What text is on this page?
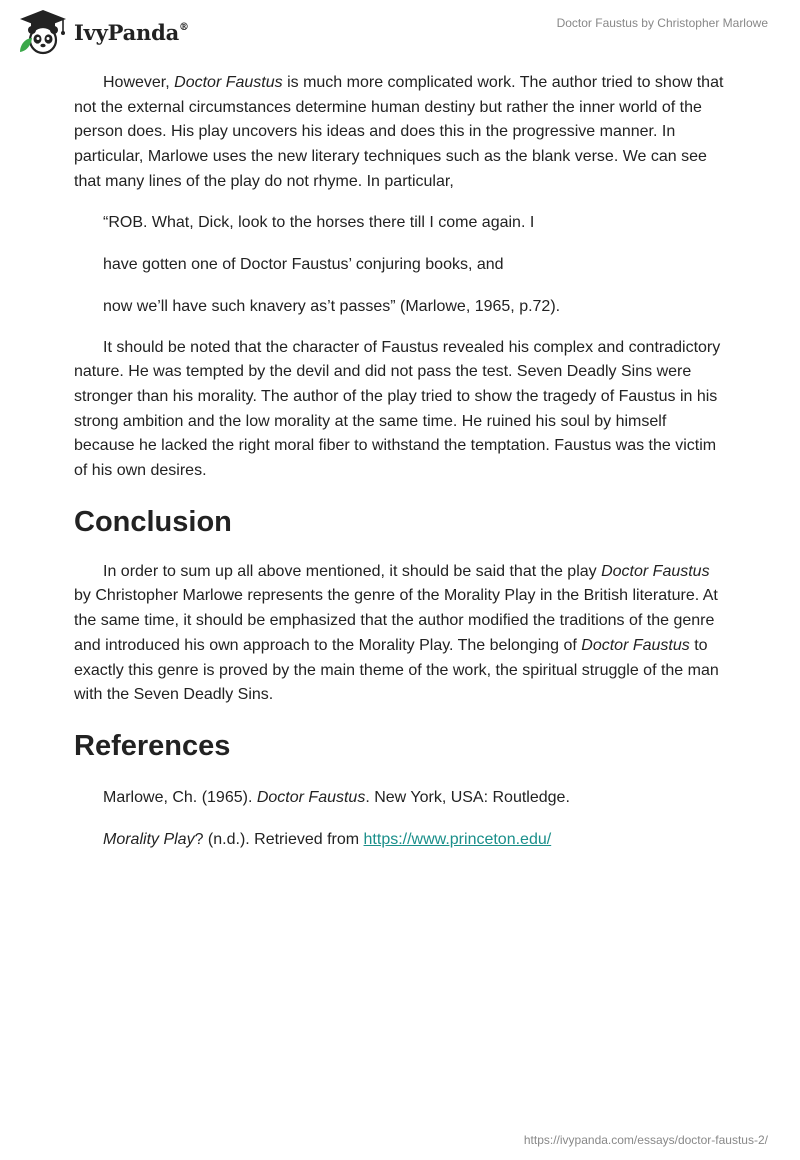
IvyPanda®	Doctor Faustus by Christopher Marlowe

However, Doctor Faustus is much more complicated work. The author tried to show that not the external circumstances determine human destiny but rather the inner world of the person does. His play uncovers his ideas and does this in the progressive manner. In particular, Marlowe uses the new literary techniques such as the blank verse. We can see that many lines of the play do not rhyme. In particular,

“ROB. What, Dick, look to the horses there till I come again. I

have gotten one of Doctor Faustus’ conjuring books, and

now we’ll have such knavery as’t passes” (Marlowe, 1965, p.72).

It should be noted that the character of Faustus revealed his complex and contradictory nature. He was tempted by the devil and did not pass the test. Seven Deadly Sins were stronger than his morality. The author of the play tried to show the tragedy of Faustus in his strong ambition and the low morality at the same time. He ruined his soul by himself because he lacked the right moral fiber to withstand the temptation. Faustus was the victim of his own desires.

Conclusion

In order to sum up all above mentioned, it should be said that the play Doctor Faustus by Christopher Marlowe represents the genre of the Morality Play in the British literature. At the same time, it should be emphasized that the author modified the traditions of the genre and introduced his own approach to the Morality Play. The belonging of Doctor Faustus to exactly this genre is proved by the main theme of the work, the spiritual struggle of the man with the Seven Deadly Sins.

References

Marlowe, Ch. (1965). Doctor Faustus. New York, USA: Routledge.

Morality Play? (n.d.). Retrieved from https://www.princeton.edu/

https://ivypanda.com/essays/doctor-faustus-2/
